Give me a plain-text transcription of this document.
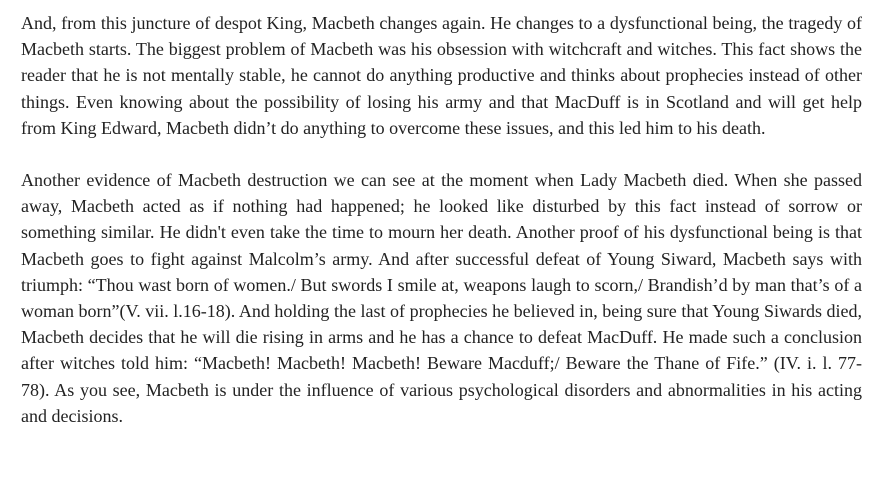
And, from this juncture of despot King, Macbeth changes again. He changes to a dysfunctional being, the tragedy of Macbeth starts. The biggest problem of Macbeth was his obsession with witchcraft and witches. This fact shows the reader that he is not mentally stable, he cannot do anything productive and thinks about prophecies instead of other things. Even knowing about the possibility of losing his army and that MacDuff is in Scotland and will get help from King Edward, Macbeth didn’t do anything to overcome these issues, and this led him to his death.

Another evidence of Macbeth destruction we can see at the moment when Lady Macbeth died. When she passed away, Macbeth acted as if nothing had happened; he looked like disturbed by this fact instead of sorrow or something similar. He didn't even take the time to mourn her death. Another proof of his dysfunctional being is that Macbeth goes to fight against Malcolm’s army. And after successful defeat of Young Siward, Macbeth says with triumph: “Thou wast born of women./ But swords I smile at, weapons laugh to scorn,/ Brandish’d by man that’s of a woman born”(V. vii. l.16-18). And holding the last of prophecies he believed in, being sure that Young Siwards died, Macbeth decides that he will die rising in arms and he has a chance to defeat MacDuff. He made such a conclusion after witches told him: “Macbeth! Macbeth! Macbeth! Beware Macduff;/ Beware the Thane of Fife.” (IV. i. l. 77-78). As you see, Macbeth is under the influence of various psychological disorders and abnormalities in his acting and decisions.
